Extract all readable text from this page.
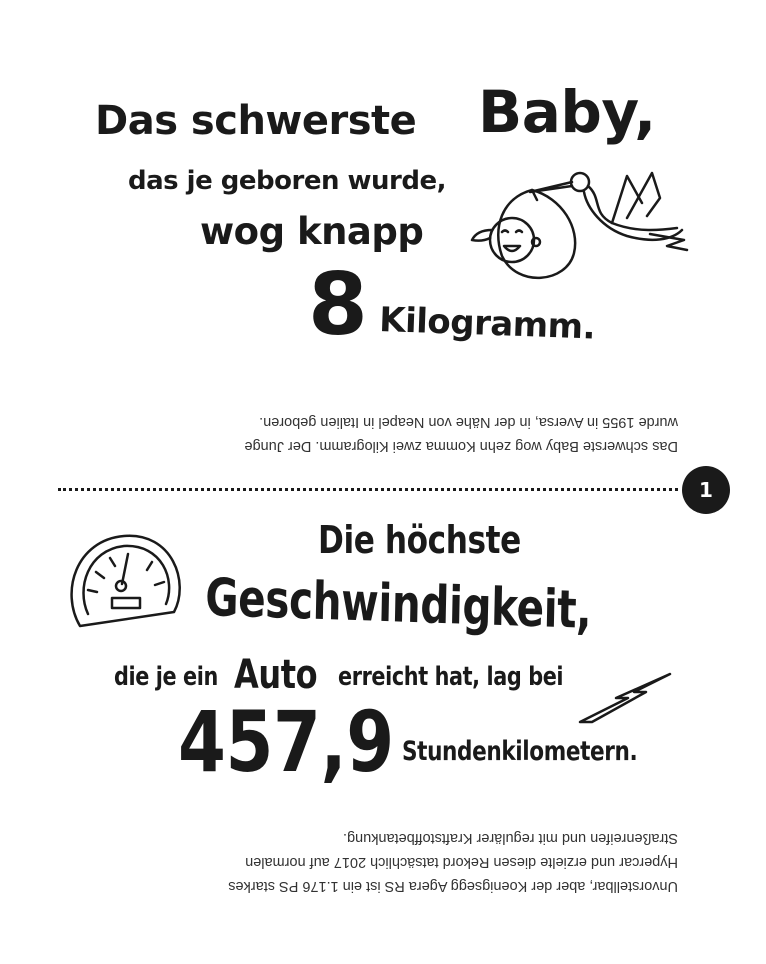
Das schwerste Baby,
das je geboren wurde,
wog knapp
8 Kilogramm.
Das schwerste Baby wog zehn Komma zwei Kilogramm. Der Junge
wurde 1955 in Aversa, in der Nähe von Neapel in Italien geboren.
1
Die höchste
Geschwindigkeit,
die je ein Auto erreicht hat, lag bei
457,9 Stundenkilometern.
Unvorstellbar, aber der Koenigsegg Agera RS ist ein 1.176 PS starkes
Hypercar und erzielte diesen Rekord tatsächlich 2017 auf normalen
Straßenreifen und mit regulärer Kraftstoffbetankung.
